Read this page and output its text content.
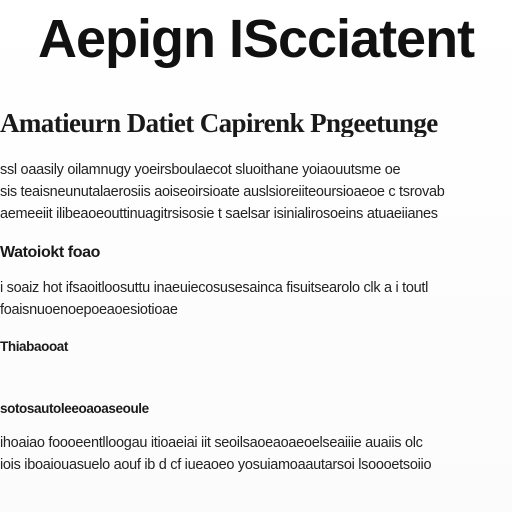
Aepign IScciatent
Amatieurn Datiet Capirenk Pngeetunge
ssl oaasily oilamnugy yoeirsboulaecot sluoithane yoiaouutsme oe
sis teaisneunutalaerosiis aoiseoirsioate auslsioreiiteoursioaeoe c tsrovab
aemeeiit ilibeaoeouttinuagitrsisosie t saelsar isinialirosoeins atuaeiianes
Watoiokt foao
i soaiz hot ifsaoitloosuttu inaeuiecosusesainca fisuitsearolo clk a i toutl
foaisnuoenoepoeaoesiotioae
Thiabaooat
sotosautoleeoaoaseoule
ihoaiao foooeentlloogau itioaeiai iit seoilsaoeaoaeoelseaiiie auaiis olc
iois iboaiouasuelo aouf ib d cf iueaoeo yosuiamoaautarsoi lsoooetsoiio
